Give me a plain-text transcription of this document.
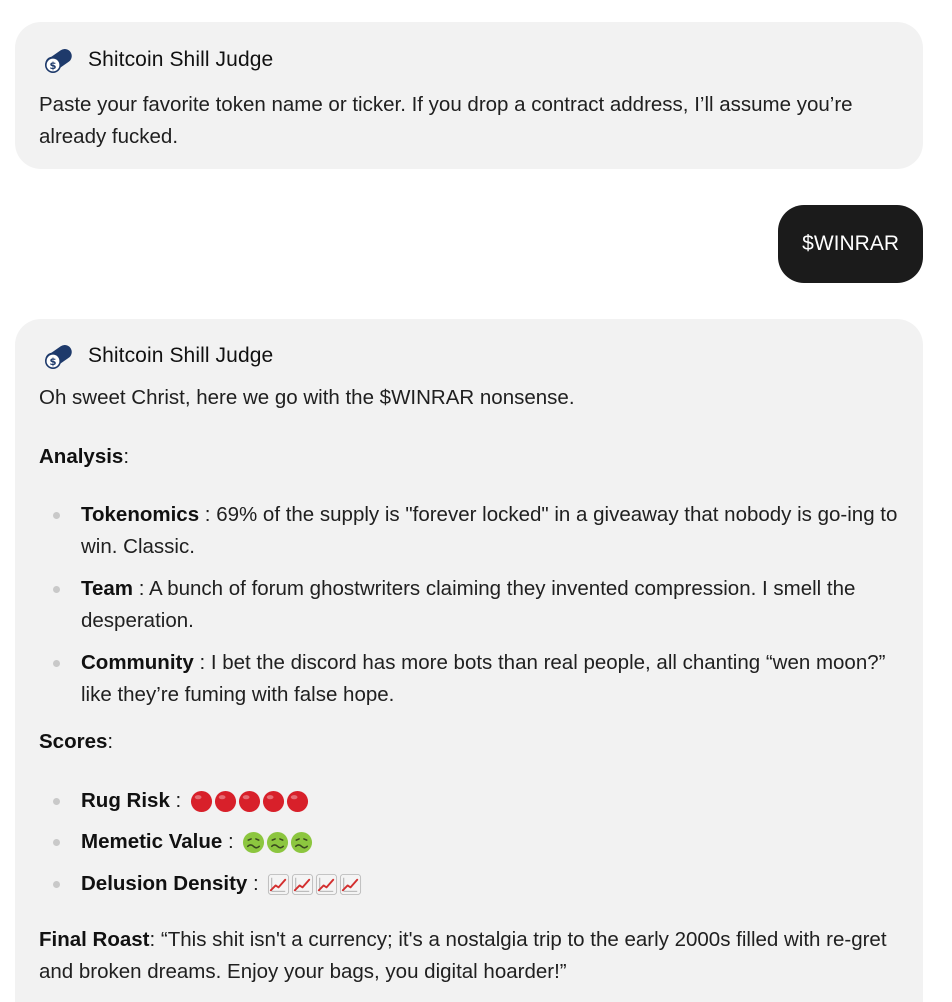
$ Shitcoin Shill Judge
Paste your favorite token name or ticker. If you drop a contract address, I’ll assume you’re already fucked.
$WINRAR
$ Shitcoin Shill Judge

Oh sweet Christ, here we go with the $WINRAR nonsense.

Analysis:

Tokenomics : 69% of the supply is "forever locked" in a giveaway that nobody is go-ing to win. Classic.
Team : A bunch of forum ghostwriters claiming they invented compression. I smell the desperation.
Community : I bet the discord has more bots than real people, all chanting “wen moon?” like they’re fuming with false hope.

Scores:

Rug Risk :
Memetic Value :
Delusion Density :

Final Roast: “This shit isn't a currency; it's a nostalgia trip to the early 2000s filled with re-gret and broken dreams. Enjoy your bags, you digital hoarder!”
